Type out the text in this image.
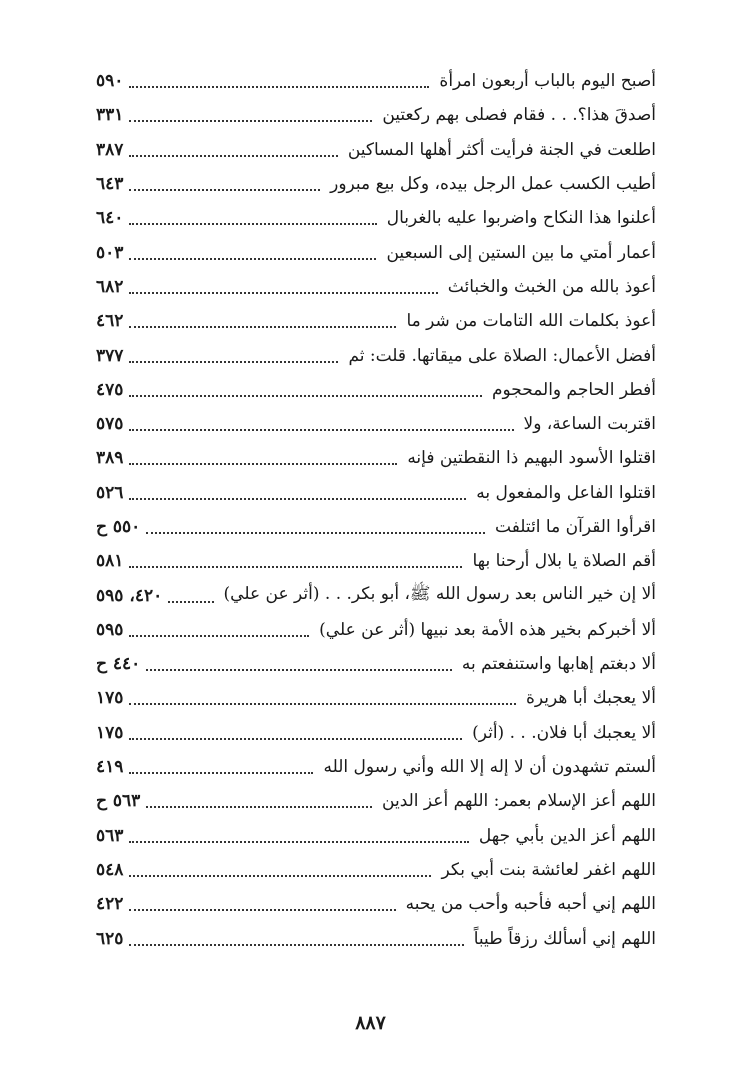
أصبح اليوم بالباب أربعون امرأة
٥٩٠
أصدقَ هذا؟. . . فقام فصلى بهم ركعتين
٣٣١
اطلعت في الجنة فرأيت أكثر أهلها المساكين
٣٨٧
أطيب الكسب عمل الرجل بيده، وكل بيع مبرور
٦٤٣
أعلنوا هذا النكاح واضربوا عليه بالغربال
٦٤٠
أعمار أمتي ما بين الستين إلى السبعين
٥٠٣
أعوذ بالله من الخبث والخبائث
٦٨٢
أعوذ بكلمات الله التامات من شر ما
٤٦٢
أفضل الأعمال: الصلاة على ميقاتها. قلت: ثم
٣٧٧
أفطر الحاجم والمحجوم
٤٧٥
اقتربت الساعة، ولا
٥٧٥
اقتلوا الأسود البهيم ذا النقطتين فإنه
٣٨٩
اقتلوا الفاعل والمفعول به
٥٢٦
اقرأوا القرآن ما ائتلفت
٥٥٠ ح
أقم الصلاة يا بلال أرحنا بها
٥٨١
ألا إن خير الناس بعد رسول الله ﷺ، أبو بكر. . . (أثر عن علي)
٤٢٠، ٥٩٥
ألا أخبركم بخير هذه الأمة بعد نبيها (أثر عن علي)
٥٩٥
ألا دبغتم إهابها واستنفعتم به
٤٤٠ ح
ألا يعجبك أبا هريرة
١٧٥
ألا يعجبك أبا فلان. . . (أثر)
١٧٥
ألستم تشهدون أن لا إله إلا الله وأني رسول الله
٤١٩
اللهم أعز الإسلام بعمر: اللهم أعز الدين
٥٦٣ ح
اللهم أعز الدين بأبي جهل
٥٦٣
اللهم اغفر لعائشة بنت أبي بكر
٥٤٨
اللهم إني أحبه فأحبه وأحب من يحبه
٤٢٢
اللهم إني أسألك رزقاً طيباً
٦٢٥
٨٨٧
